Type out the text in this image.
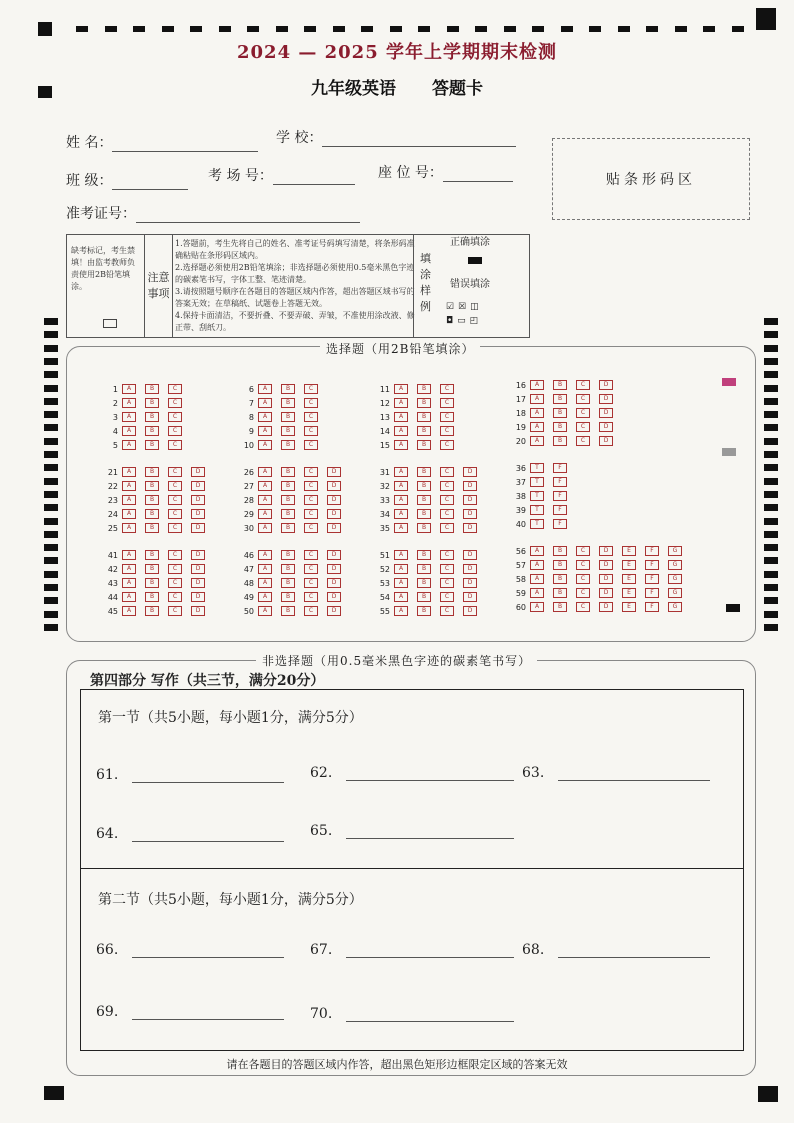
2024 — 2025 学年上学期期末检测
九年级英语 答题卡
姓 名：	学 校：
班 级：	考 场 号：	座 位 号：
准考证号：
贴条形码区
缺考标记，考生禁填！由监考教师负责使用2B铅笔填涂。
注意事项
1.答题前，考生先将自己的姓名、准考证号码填写清楚，将条形码准确粘贴在条形码区域内。
2.选择题必须使用2B铅笔填涂；非选择题必须使用0.5毫米黑色字迹的碳素笔书写，字体工整、笔迹清楚。
3.请按照题号顺序在各题目的答题区域内作答，超出答题区域书写的答案无效；在草稿纸、试题卷上答题无效。
4.保持卡面清洁，不要折叠、不要弄破、弄皱，不准使用涂改液、修正带、刮纸刀。
填涂样例
正确填涂
错误填涂
☑☒◫
◘▭◰
选择题（用2B铅笔填涂）
1 A	B	C
2 A	B	C
3 A	B	C
4 A	B	C
5 A	B	C
6 A	B	C
7 A	B	C
8 A	B	C
9 A	B	C
10 A	B	C
11 A	B	C
12 A	B	C
13 A	B	C
14 A	B	C
15 A	B	C
16 A	B	C	D
17 A	B	C	D
18 A	B	C	D
19 A	B	C	D
20 A	B	C	D
21 A	B	C	D
22 A	B	C	D
23 A	B	C	D
24 A	B	C	D
25 A	B	C	D
26 A	B	C	D
27 A	B	C	D
28 A	B	C	D
29 A	B	C	D
30 A	B	C	D
31 A	B	C	D
32 A	B	C	D
33 A	B	C	D
34 A	B	C	D
35 A	B	C	D
36 T	F
37 T	F
38 T	F
39 T	F
40 T	F
41 A	B	C	D
42 A	B	C	D
43 A	B	C	D
44 A	B	C	D
45 A	B	C	D
46 A	B	C	D
47 A	B	C	D
48 A	B	C	D
49 A	B	C	D
50 A	B	C	D
51 A	B	C	D
52 A	B	C	D
53 A	B	C	D
54 A	B	C	D
55 A	B	C	D
56 A	B	C	D	E	F	G
57 A	B	C	D	E	F	G
58 A	B	C	D	E	F	G
59 A	B	C	D	E	F	G
60 A	B	C	D	E	F	G
非选择题（用0.5毫米黑色字迹的碳素笔书写）
第四部分 写作（共三节，满分20分）
第一节（共5小题，每小题1分，满分5分）
第二节（共5小题，每小题1分，满分5分）
61.	62.	63.
64.	65.
66.	67.	68.
69.	70.
请在各题目的答题区域内作答，超出黑色矩形边框限定区域的答案无效
